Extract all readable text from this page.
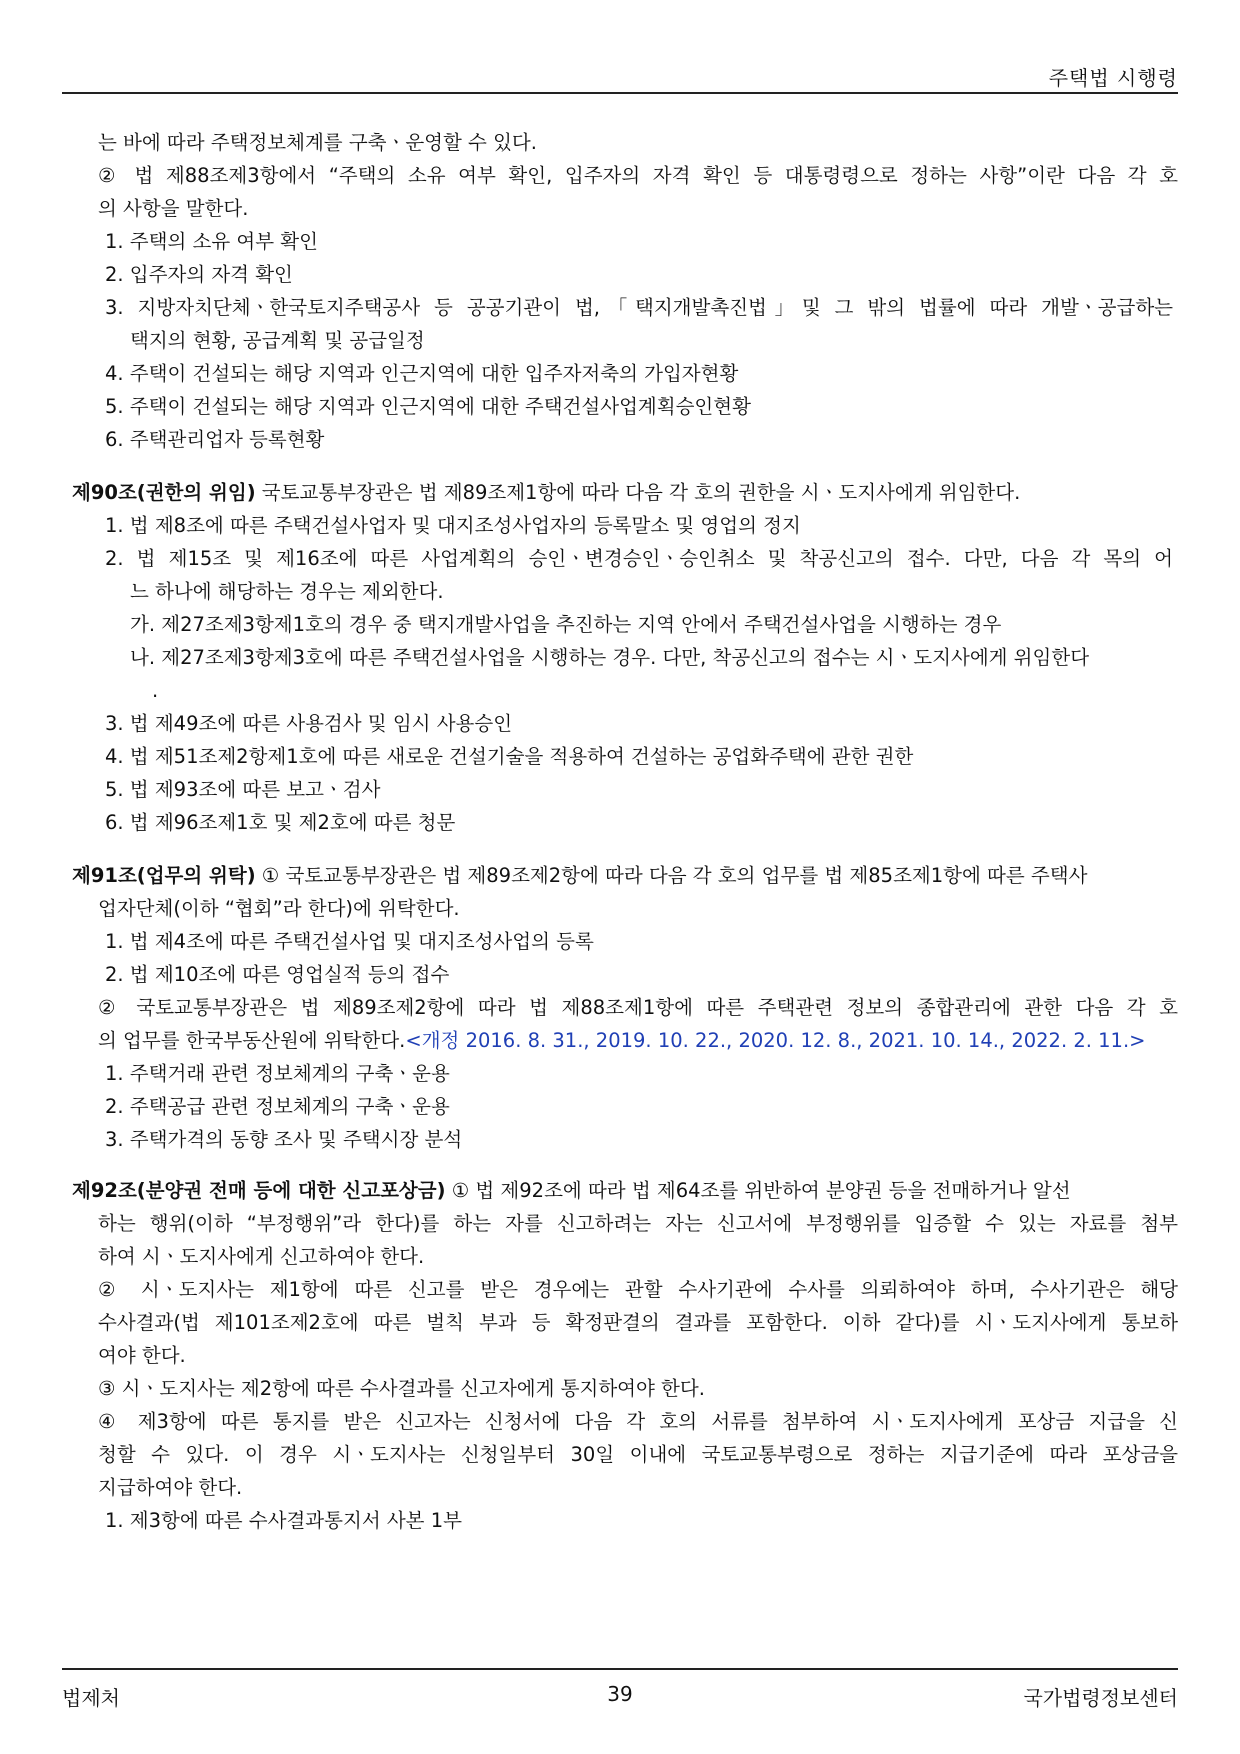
주택법 시행령
는 바에 따라 주택정보체계를 구축ㆍ운영할 수 있다.
② 법 제88조제3항에서 “주택의 소유 여부 확인, 입주자의 자격 확인 등 대통령령으로 정하는 사항”이란 다음 각 호
의 사항을 말한다.
1. 주택의 소유 여부 확인
2. 입주자의 자격 확인
3. 지방자치단체ㆍ한국토지주택공사 등 공공기관이 법,「택지개발촉진법」및 그 밖의 법률에 따라 개발ㆍ공급하는
택지의 현황, 공급계획 및 공급일정
4. 주택이 건설되는 해당 지역과 인근지역에 대한 입주자저축의 가입자현황
5. 주택이 건설되는 해당 지역과 인근지역에 대한 주택건설사업계획승인현황
6. 주택관리업자 등록현황
제90조(권한의 위임) 국토교통부장관은 법 제89조제1항에 따라 다음 각 호의 권한을 시ㆍ도지사에게 위임한다.
1. 법 제8조에 따른 주택건설사업자 및 대지조성사업자의 등록말소 및 영업의 정지
2. 법 제15조 및 제16조에 따른 사업계획의 승인ㆍ변경승인ㆍ승인취소 및 착공신고의 접수. 다만, 다음 각 목의 어
느 하나에 해당하는 경우는 제외한다.
가. 제27조제3항제1호의 경우 중 택지개발사업을 추진하는 지역 안에서 주택건설사업을 시행하는 경우
나. 제27조제3항제3호에 따른 주택건설사업을 시행하는 경우. 다만, 착공신고의 접수는 시ㆍ도지사에게 위임한다
.
3. 법 제49조에 따른 사용검사 및 임시 사용승인
4. 법 제51조제2항제1호에 따른 새로운 건설기술을 적용하여 건설하는 공업화주택에 관한 권한
5. 법 제93조에 따른 보고ㆍ검사
6. 법 제96조제1호 및 제2호에 따른 청문
제91조(업무의 위탁) ① 국토교통부장관은 법 제89조제2항에 따라 다음 각 호의 업무를 법 제85조제1항에 따른 주택사
업자단체(이하 “협회”라 한다)에 위탁한다.
1. 법 제4조에 따른 주택건설사업 및 대지조성사업의 등록
2. 법 제10조에 따른 영업실적 등의 접수
② 국토교통부장관은 법 제89조제2항에 따라 법 제88조제1항에 따른 주택관련 정보의 종합관리에 관한 다음 각 호
의 업무를 한국부동산원에 위탁한다.<개정 2016. 8. 31., 2019. 10. 22., 2020. 12. 8., 2021. 10. 14., 2022. 2. 11.>
1. 주택거래 관련 정보체계의 구축ㆍ운용
2. 주택공급 관련 정보체계의 구축ㆍ운용
3. 주택가격의 동향 조사 및 주택시장 분석
제92조(분양권 전매 등에 대한 신고포상금) ① 법 제92조에 따라 법 제64조를 위반하여 분양권 등을 전매하거나 알선
하는 행위(이하 “부정행위”라 한다)를 하는 자를 신고하려는 자는 신고서에 부정행위를 입증할 수 있는 자료를 첨부
하여 시ㆍ도지사에게 신고하여야 한다.
② 시ㆍ도지사는 제1항에 따른 신고를 받은 경우에는 관할 수사기관에 수사를 의뢰하여야 하며, 수사기관은 해당
수사결과(법 제101조제2호에 따른 벌칙 부과 등 확정판결의 결과를 포함한다. 이하 같다)를 시ㆍ도지사에게 통보하
여야 한다.
③ 시ㆍ도지사는 제2항에 따른 수사결과를 신고자에게 통지하여야 한다.
④ 제3항에 따른 통지를 받은 신고자는 신청서에 다음 각 호의 서류를 첨부하여 시ㆍ도지사에게 포상금 지급을 신
청할 수 있다. 이 경우 시ㆍ도지사는 신청일부터 30일 이내에 국토교통부령으로 정하는 지급기준에 따라 포상금을
지급하여야 한다.
1. 제3항에 따른 수사결과통지서 사본 1부
법제처	39	국가법령정보센터
